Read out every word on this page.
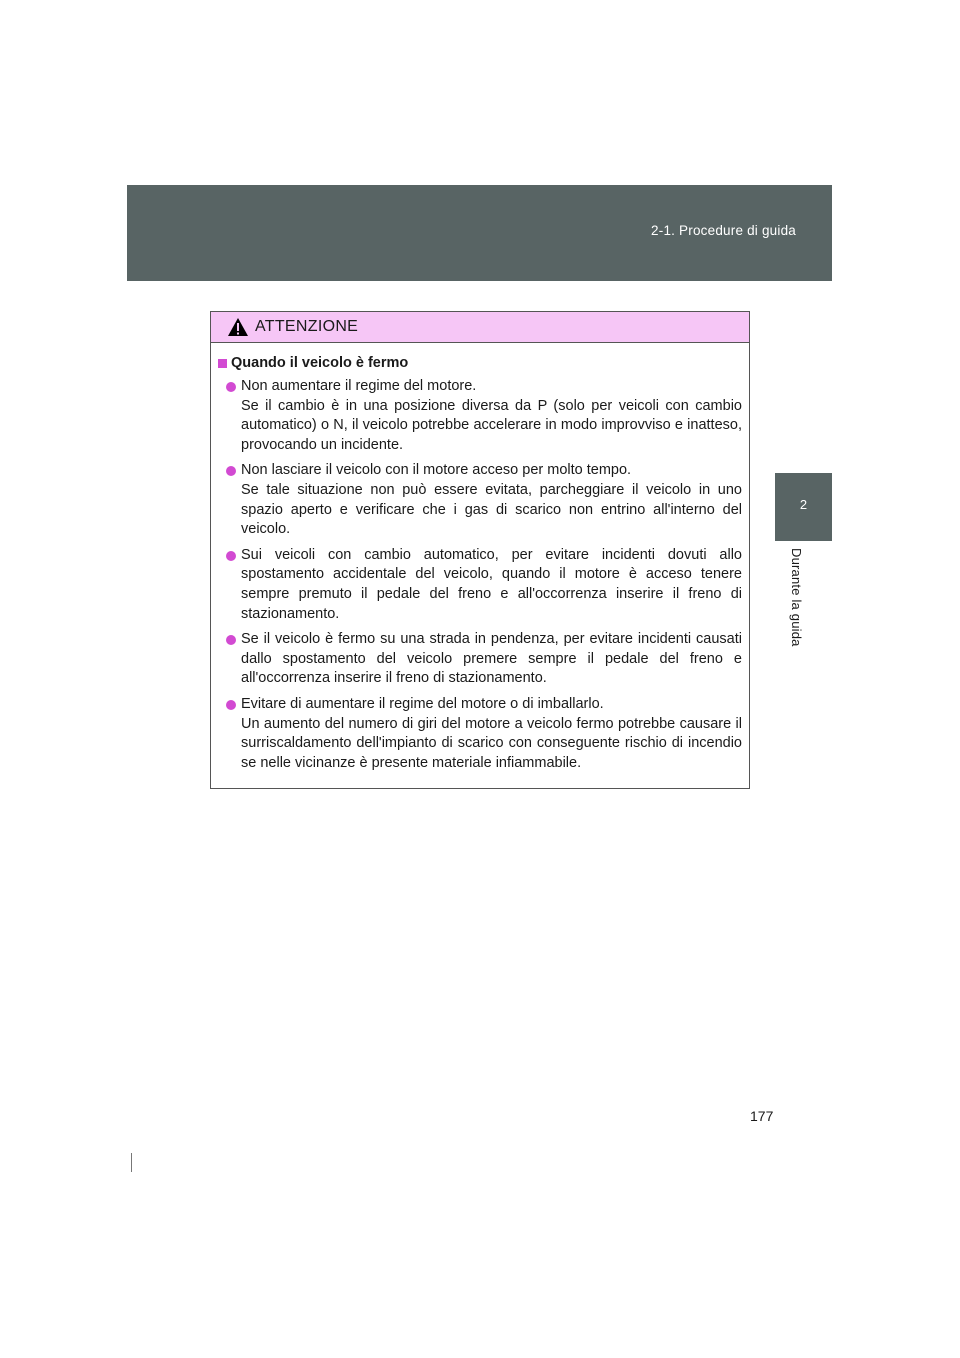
2-1. Procedure di guida
2
Durante la guida
ATTENZIONE
Quando il veicolo è fermo

Non aumentare il regime del motore.

Se il cambio è in una posizione diversa da P (solo per veicoli con cambio automatico) o N, il veicolo potrebbe accelerare in modo improvviso e inatteso, provocando un incidente.

Non lasciare il veicolo con il motore acceso per molto tempo.

Se tale situazione non può essere evitata, parcheggiare il veicolo in uno spazio aperto e verificare che i gas di scarico non entrino all'interno del veicolo.

Sui veicoli con cambio automatico, per evitare incidenti dovuti allo spostamento accidentale del veicolo, quando il motore è acceso tenere sempre premuto il pedale del freno e all'occorrenza inserire il freno di stazionamento.

Se il veicolo è fermo su una strada in pendenza, per evitare incidenti causati dallo spostamento del veicolo premere sempre il pedale del freno e all'occorrenza inserire il freno di stazionamento.

Evitare di aumentare il regime del motore o di imballarlo.

Un aumento del numero di giri del motore a veicolo fermo potrebbe causare il surriscaldamento dell'impianto di scarico con conseguente rischio di incendio se nelle vicinanze è presente materiale infiammabile.

177
